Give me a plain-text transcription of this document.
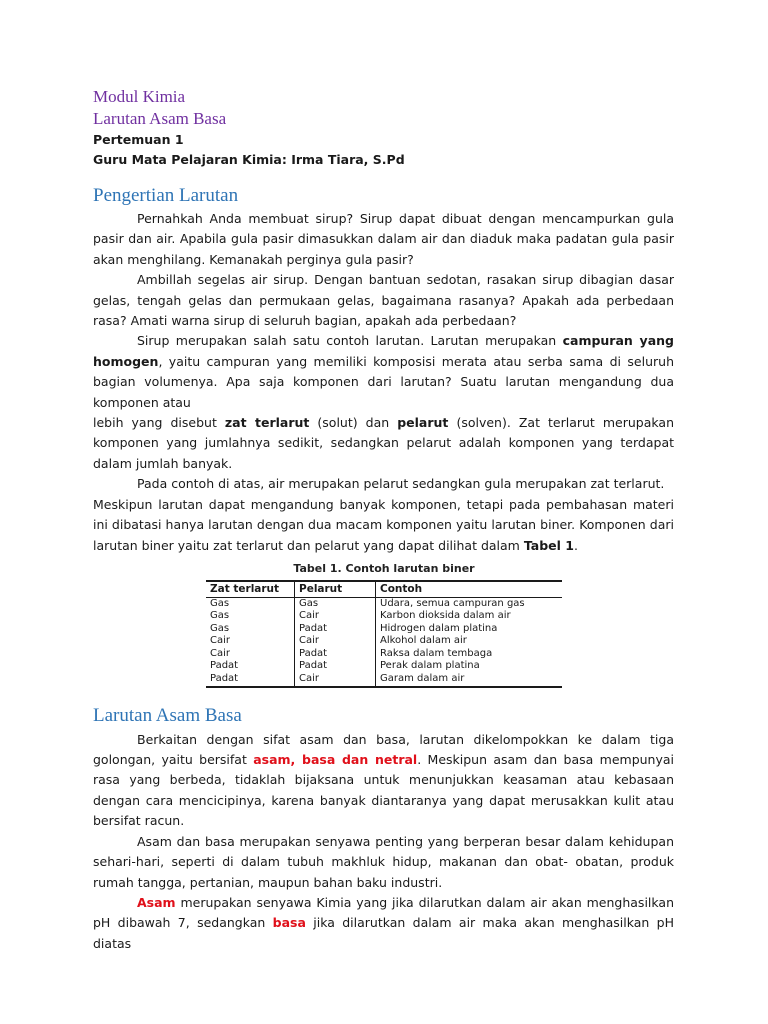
Modul Kimia

Larutan Asam Basa

Pertemuan 1

Guru Mata Pelajaran Kimia: Irma Tiara, S.Pd

Pengertian Larutan

Pernahkah Anda membuat sirup? Sirup dapat dibuat dengan mencampurkan gula pasir dan air. Apabila gula pasir dimasukkan dalam air dan diaduk maka padatan gula pasir akan menghilang. Kemanakah perginya gula pasir?

Ambillah segelas air sirup. Dengan bantuan sedotan, rasakan sirup dibagian dasar gelas, tengah gelas dan permukaan gelas, bagaimana rasanya? Apakah ada perbedaan rasa? Amati warna sirup di seluruh bagian, apakah ada perbedaan?

Sirup merupakan salah satu contoh larutan. Larutan merupakan campuran yang homogen, yaitu campuran yang memiliki komposisi merata atau serba sama di seluruh bagian volumenya. Apa saja komponen dari larutan? Suatu larutan mengandung dua komponen atau

lebih yang disebut zat terlarut (solut) dan pelarut (solven). Zat terlarut merupakan komponen yang jumlahnya sedikit, sedangkan pelarut adalah komponen yang terdapat dalam jumlah banyak.

Pada contoh di atas, air merupakan pelarut sedangkan gula merupakan zat terlarut.

Meskipun larutan dapat mengandung banyak komponen, tetapi pada pembahasan materi ini dibatasi hanya larutan dengan dua macam komponen yaitu larutan biner. Komponen dari larutan biner yaitu zat terlarut dan pelarut yang dapat dilihat dalam Tabel 1.

Tabel 1. Contoh larutan biner
Zat terlarut	Pelarut	Contoh
Gas	Gas	Udara, semua campuran gas
Gas	Cair	Karbon dioksida dalam air
Gas	Padat	Hidrogen dalam platina
Cair	Cair	Alkohol dalam air
Cair	Padat	Raksa dalam tembaga
Padat	Padat	Perak dalam platina
Padat	Cair	Garam dalam air
Larutan Asam Basa

Berkaitan dengan sifat asam dan basa, larutan dikelompokkan ke dalam tiga golongan, yaitu bersifat asam, basa dan netral. Meskipun asam dan basa mempunyai rasa yang berbeda, tidaklah bijaksana untuk menunjukkan keasaman atau kebasaan dengan cara mencicipinya, karena banyak diantaranya yang dapat merusakkan kulit atau bersifat racun.

Asam dan basa merupakan senyawa penting yang berperan besar dalam kehidupan sehari-hari, seperti di dalam tubuh makhluk hidup, makanan dan obat- obatan, produk rumah tangga, pertanian, maupun bahan baku industri.

Asam merupakan senyawa Kimia yang jika dilarutkan dalam air akan menghasilkan pH dibawah 7, sedangkan basa jika dilarutkan dalam air maka akan menghasilkan pH diatas
